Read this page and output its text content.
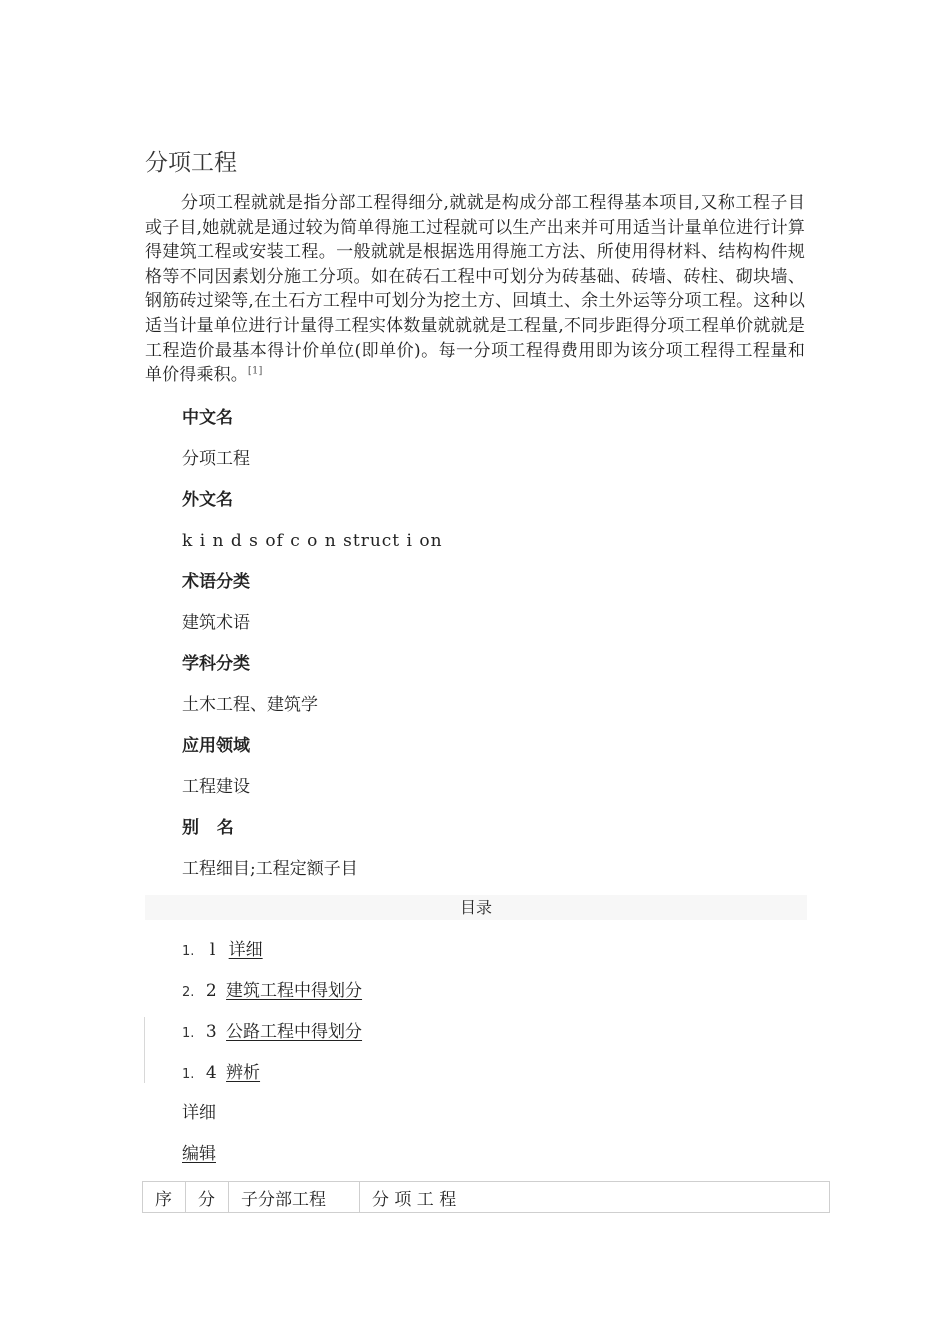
分项工程

分项工程就就是指分部工程得细分,就就是构成分部工程得基本项目,又称工程子目或子目,她就就是通过较为简单得施工过程就可以生产出来并可用适当计量单位进行计算得建筑工程或安装工程。一般就就是根据选用得施工方法、所使用得材料、结构构件规格等不同因素划分施工分项。如在砖石工程中可划分为砖基础、砖墙、砖柱、砌块墙、钢筋砖过梁等,在土石方工程中可划分为挖土方、回填土、余土外运等分项工程。这种以适当计量单位进行计量得工程实体数量就就就是工程量,不同步距得分项工程单价就就是工程造价最基本得计价单位(即单价)。每一分项工程得费用即为该分项工程得工程量和单价得乘积。[1]

中文名
分项工程
外文名
k i n d s of c o n struct i on
术语分类
建筑术语
学科分类
土木工程、建筑学
应用领域
工程建设
别   名
工程细目;工程定额子目
目录
1. l 详细
2. 2 建筑工程中得划分
1. 3 公路工程中得划分
1. 4 辨析
详细
编辑
序	分	子分部工程	分 项 工 程
